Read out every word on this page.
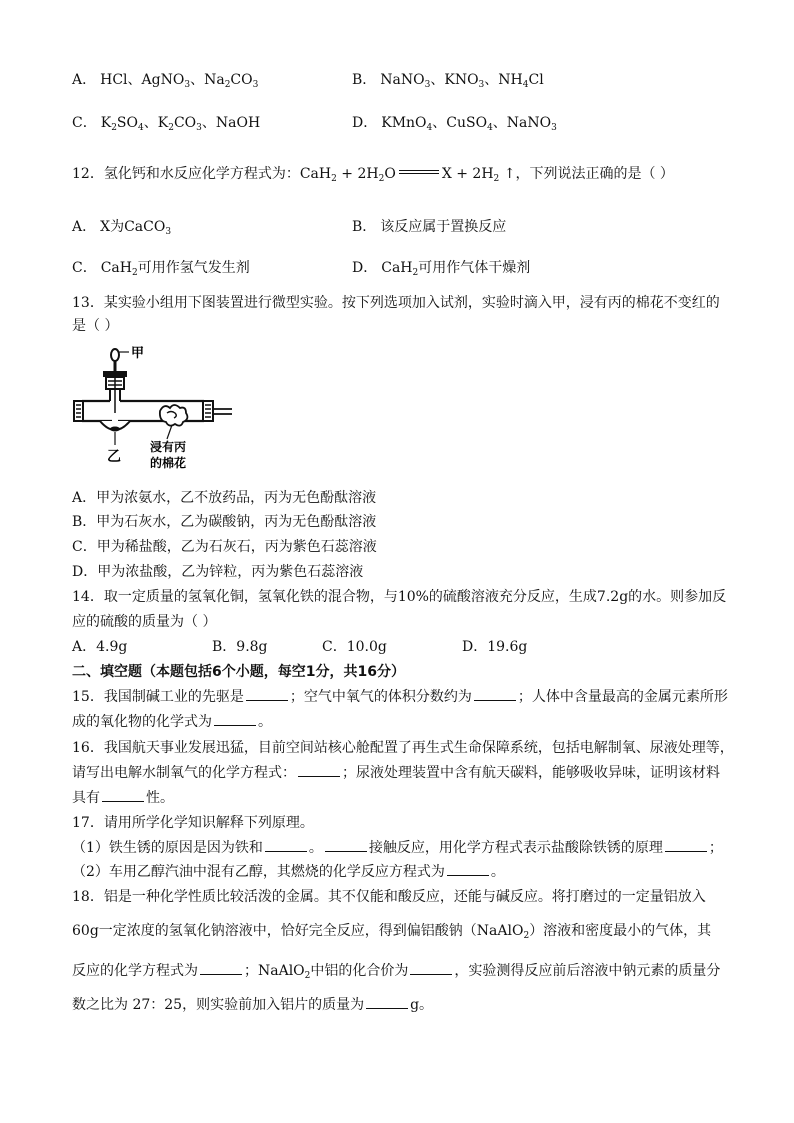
A． HCl、AgNO$_3$、$Na_2CO_3$	B． NaNO$_3$、$KNO_3$、$NH_4Cl$
C． $K_2SO_4$、$K_2CO_3$、NaOH	D． KMnO$_4$、CuSO$_4$、NaNO$_3$
12．氢化钙和水反应化学方程式为：$CaH_2 + 2H_2O$	$X + 2H_2$ ↑，下列说法正确的是（ ）
A． X为CaCO$_3$	B． 该反应属于置换反应
C． CaH$_2$可用作氢气发生剂	D． CaH$_2$可用作气体干燥剂
13．某实验小组用下图装置进行微型实验。按下列选项加入试剂，实验时滴入甲，浸有丙的棉花不变红的
是（ ）
甲
乙
浸有丙
的棉花
A．甲为浓氨水，乙不放药品，丙为无色酚酞溶液
B．甲为石灰水，乙为碳酸钠，丙为无色酚酞溶液
C．甲为稀盐酸，乙为石灰石，丙为紫色石蕊溶液
D．甲为浓盐酸，乙为锌粒，丙为紫色石蕊溶液
14．取一定质量的氢氧化铜，氢氧化铁的混合物，与10%的硫酸溶液充分反应，生成7.2g的水。则参加反
应的硫酸的质量为（ ）
A．4.9g	B．9.8g	C．10.0g	D．19.6g
二、填空题（本题包括6个小题，每空1分，共16分）
15．我国制碱工业的先驱是	；空气中氧气的体积分数约为	；人体中含量最高的金属元素所形
成的氧化物的化学式为	。
16．我国航天事业发展迅猛，目前空间站核心舱配置了再生式生命保障系统，包括电解制氧、尿液处理等，
请写出电解水制氧气的化学方程式：	；尿液处理装置中含有航天碳料，能够吸收异味，证明该材料
具有	性。
17．请用所学化学知识解释下列原理。
（1）铁生锈的原因是因为铁和	。	接触反应，用化学方程式表示盐酸除铁锈的原理	；
（2）车用乙醇汽油中混有乙醇，其燃烧的化学反应方程式为	。
18．铝是一种化学性质比较活泼的金属。其不仅能和酸反应，还能与碱反应。将打磨过的一定量铝放入
60g一定浓度的氢氧化钠溶液中，恰好完全反应，得到偏铝酸钠（NaAlO$_2$）溶液和密度最小的气体，其
反应的化学方程式为	；NaAlO$_2$中铝的化合价为	，实验测得反应前后溶液中钠元素的质量分
数之比为 27：25，则实验前加入铝片的质量为	g。
